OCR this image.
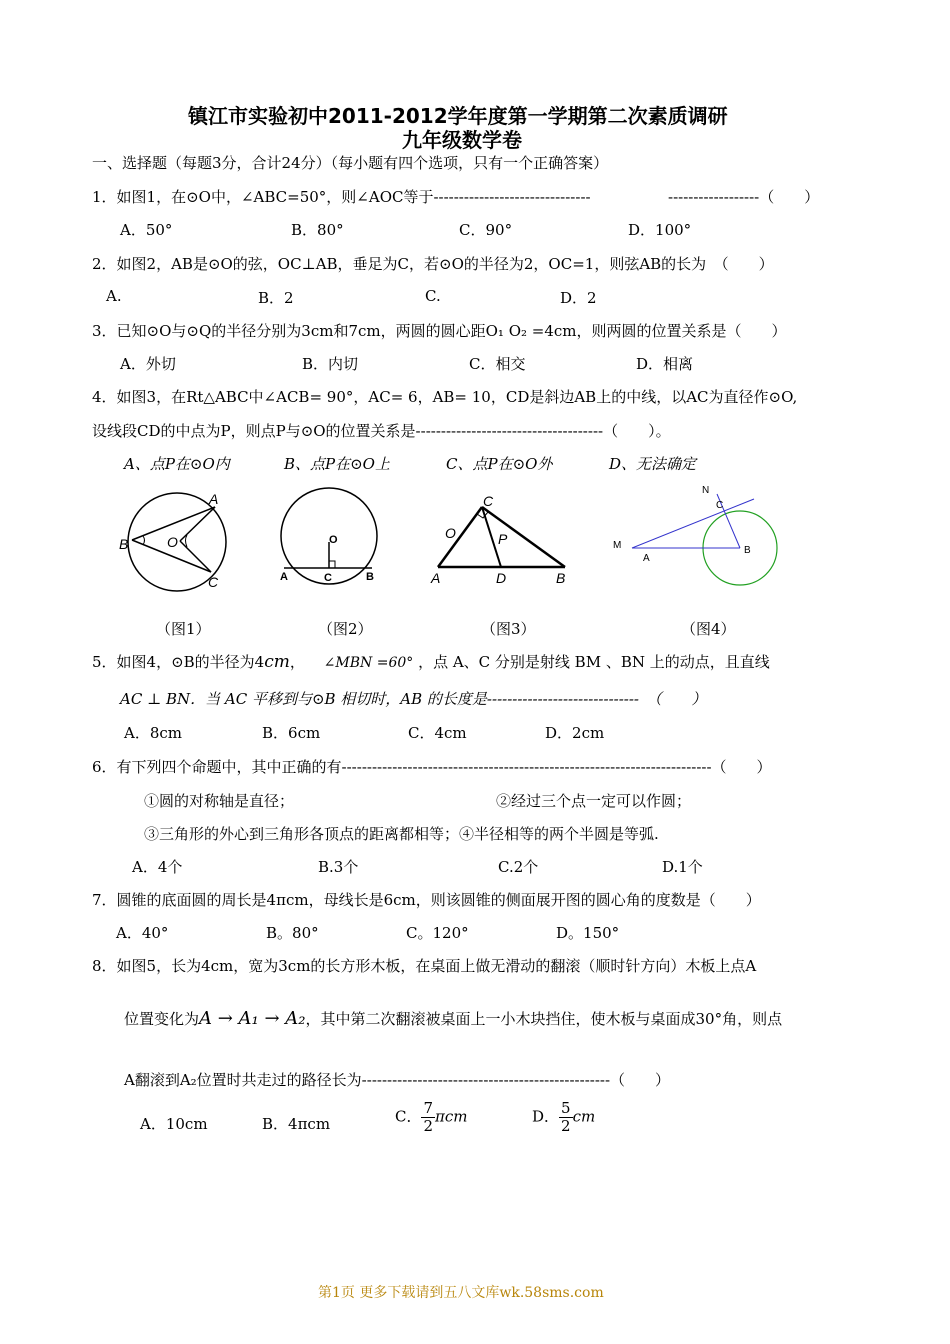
镇江市实验初中2011-2012学年度第一学期第二次素质调研
九年级数学卷
一、选择题（每题3分，合计24分）（每小题有四个选项，只有一个正确答案）
1．如图1，在⊙O中，∠ABC=50°，则∠AOC等于-------------------------------	------------------（　　）
A．50°	B．80°	C．90°	D．100°
2．如图2，AB是⊙O的弦，OC⊥AB，垂足为C，若⊙O的半径为2，OC=1，则弦AB的长为　（　　）
A.	B．2	C.	D．2
3．已知⊙O与⊙Q的半径分别为3cm和7cm，两圆的圆心距O₁ O₂ =4cm，则两圆的位置关系是（　　）
A．外切	B．内切	C．相交	D．相离
4．如图3，在Rt△ABC中∠ACB= 90°，AC= 6，AB= 10，CD是斜边AB上的中线，以AC为直径作⊙O,
设线段CD的中点为P，则点P与⊙O的位置关系是-------------------------------------（　　）。
A、点P在⊙O内	B、点P在⊙O上	C、点P在⊙O外	D、无法确定
B
A
C
O
（图1）
O
A	B
C
（图2）
A	B
C
D
O	P
（图3）
N
C
M
A
B
（图4）
5．如图4，⊙B的半径为4cm， ∠MBN =60° ，点 A、C 分别是射线 BM 、BN 上的动点，且直线
AC ⊥ BN．当 AC 平移到与⊙B 相切时，AB 的长度是------------------------------　（　　）
A．8cm	B．6cm	C．4cm	D．2cm
6．有下列四个命题中，其中正确的有-------------------------------------------------------------------------（　　）
①圆的对称轴是直径；	②经过三个点一定可以作圆；
③三角形的外心到三角形各顶点的距离都相等；④半径相等的两个半圆是等弧.
A．4个	B.3个	C.2个	D.1个
7．圆锥的底面圆的周长是4πcm，母线长是6cm，则该圆锥的侧面展开图的圆心角的度数是（　　）
A．40°	B。80°	C。120°	D。150°
8．如图5，长为4cm，宽为3cm的长方形木板，在桌面上做无滑动的翻滚（顺时针方向）木板上点A
位置变化为A → A₁ → A₂，其中第二次翻滚被桌面上一小木块挡住，使木板与桌面成30°角，则点
A翻滚到A₂位置时共走过的路径长为-------------------------------------------------（　　）
A．10cm	B．4πcm	C． $\frac{7}{2}$ πcm	D． $\frac{5}{2}$ cm
第1页 更多下载请到五八文库wk.58sms.com
